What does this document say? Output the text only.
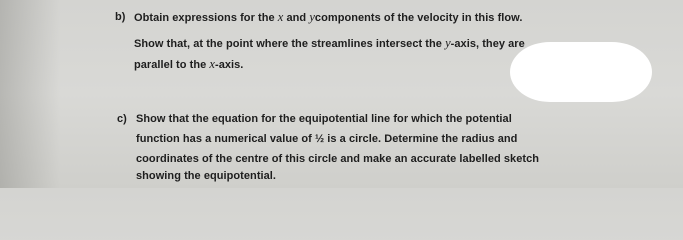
b) Obtain expressions for the x and ycomponents of the velocity in this flow.
Show that, at the point where the streamlines intersect the y-axis, they are
parallel to the x-axis.
c) Show that the equation for the equipotential line for which the potential
function has a numerical value of ½ is a circle. Determine the radius and
coordinates of the centre of this circle and make an accurate labelled sketch
showing the equipotential.
